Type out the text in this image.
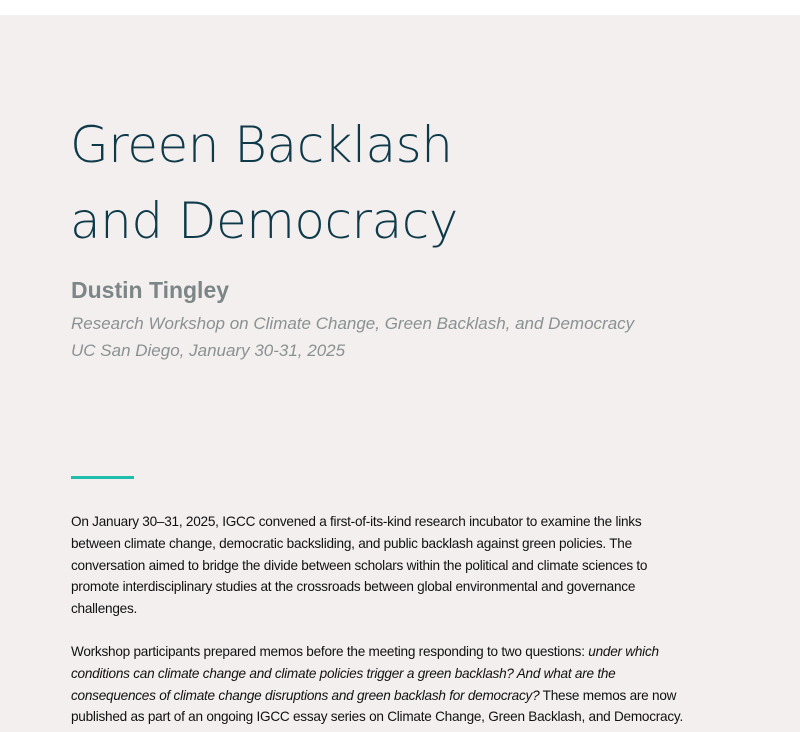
Green Backlash
and Democracy
Dustin Tingley
Research Workshop on Climate Change, Green Backlash, and Democracy
UC San Diego, January 30-31, 2025
On January 30–31, 2025, IGCC convened a first-of-its-kind research incubator to examine the links
between climate change, democratic backsliding, and public backlash against green policies. The
conversation aimed to bridge the divide between scholars within the political and climate sciences to
promote interdisciplinary studies at the crossroads between global environmental and governance
challenges.
Workshop participants prepared memos before the meeting responding to two questions: under which
conditions can climate change and climate policies trigger a green backlash? And what are the
consequences of climate change disruptions and green backlash for democracy? These memos are now
published as part of an ongoing IGCC essay series on Climate Change, Green Backlash, and Democracy.
